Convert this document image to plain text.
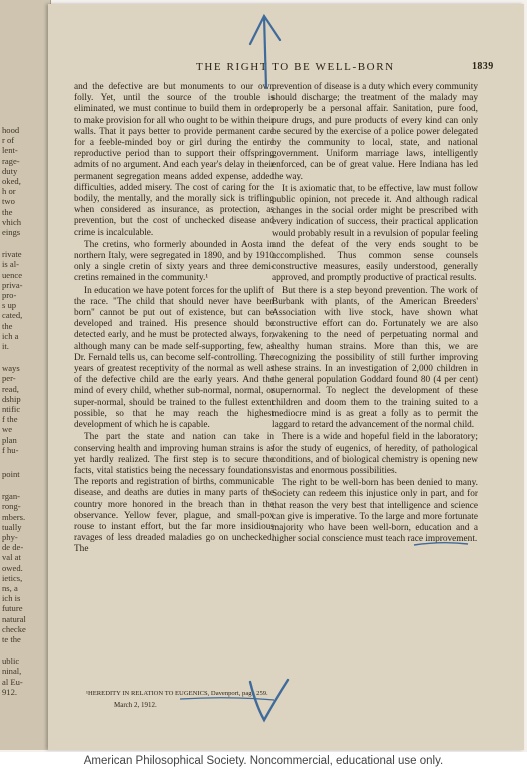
hood
r of
lent-
rage-
duty
oked,
h or
two
the
vhich
eings
rivate
is al-
uence
priva-
pro-
s up
cated,
the
ich a
it.
ways
per-
read,
dship
ntific
f the
we
plan
f hu-
point
rgan-
rong-
mbers.
tually
phy-
de de-
val at
owed.
ietics,
ns, a
ich is
future
natural
checke
te the
ublic
ninal,
al Eu-
912.
THE RIGHT TO BE WELL-BORN	1839

and the defective are but monuments to our own folly. Yet, until the source of the trouble is eliminated, we must continue to build them in order to make provision for all who ought to be within their walls. That it pays better to provide permanent care for a feeble-minded boy or girl during the entire reproductive period than to support their offspring admits of no argument. And each year's delay in their permanent segregation means added expense, added difficulties, added misery. The cost of caring for the bodily, the mentally, and the morally sick is trifling when considered as insurance, as protection, as prevention, but the cost of unchecked disease and crime is incalculable.

The cretins, who formerly abounded in Aosta in northern Italy, were segregated in 1890, and by 1910 only a single cretin of sixty years and three demi-cretins remained in the community.¹

In education we have potent forces for the uplift of the race. "The child that should never have been born" cannot be put out of existence, but can be developed and trained. His presence should be detected early, and he must be protected always, for, although many can be made self-supporting, few, as Dr. Fernald tells us, can become self-controlling. The years of greatest receptivity of the normal as well as of the defective child are the early years. And the mind of every child, whether sub-normal, normal, or super-normal, should be trained to the fullest extent possible, so that he may reach the highest development of which he is capable.

The part the state and nation can take in conserving health and improving human strains is as yet hardly realized. The first step is to secure the facts, vital statistics being the necessary foundations. The reports and registration of births, communicable disease, and deaths are duties in many parts of the country more honored in the breach than in the observance. Yellow fever, plague, and small-pox rouse to instant effort, but the far more insidious ravages of less dreaded maladies go on unchecked. The

prevention of disease is a duty which every community should discharge; the treatment of the malady may properly be a personal affair. Sanitation, pure food, pure drugs, and pure products of every kind can only be secured by the exercise of a police power delegated by the community to local, state, and national government. Uniform marriage laws, intelligently enforced, can be of great value. Here Indiana has led the way.

It is axiomatic that, to be effective, law must follow public opinion, not precede it. And although radical changes in the social order might be prescribed with every indication of success, their practical application would probably result in a revulsion of popular feeling and the defeat of the very ends sought to be accomplished. Thus common sense counsels constructive measures, easily understood, generally approved, and promptly productive of practical results.

But there is a step beyond prevention. The work of Burbank with plants, of the American Breeders' Association with live stock, have shown what constructive effort can do. Fortunately we are also wakening to the need of perpetuating normal and healthy human strains. More than this, we are recognizing the possibility of still further improving these strains. In an investigation of 2,000 children in the general population Goddard found 80 (4 per cent) supernormal. To neglect the development of these children and doom them to the training suited to a mediocre mind is as great a folly as to permit the laggard to retard the advancement of the normal child.

There is a wide and hopeful field in the laboratory; for the study of eugenics, of heredity, of pathological conditions, and of biological chemistry is opening new vistas and enormous possibilities.

The right to be well-born has been denied to many. Society can redeem this injustice only in part, and for that reason the very best that intelligence and science can give is imperative. To the large and more fortunate majority who have been well-born, education and a higher social conscience must teach race improvement.

¹HEREDITY IN RELATION TO EUGENICS, Davenport, page 259.
March 2, 1912.
American Philosophical Society. Noncommercial, educational use only.
